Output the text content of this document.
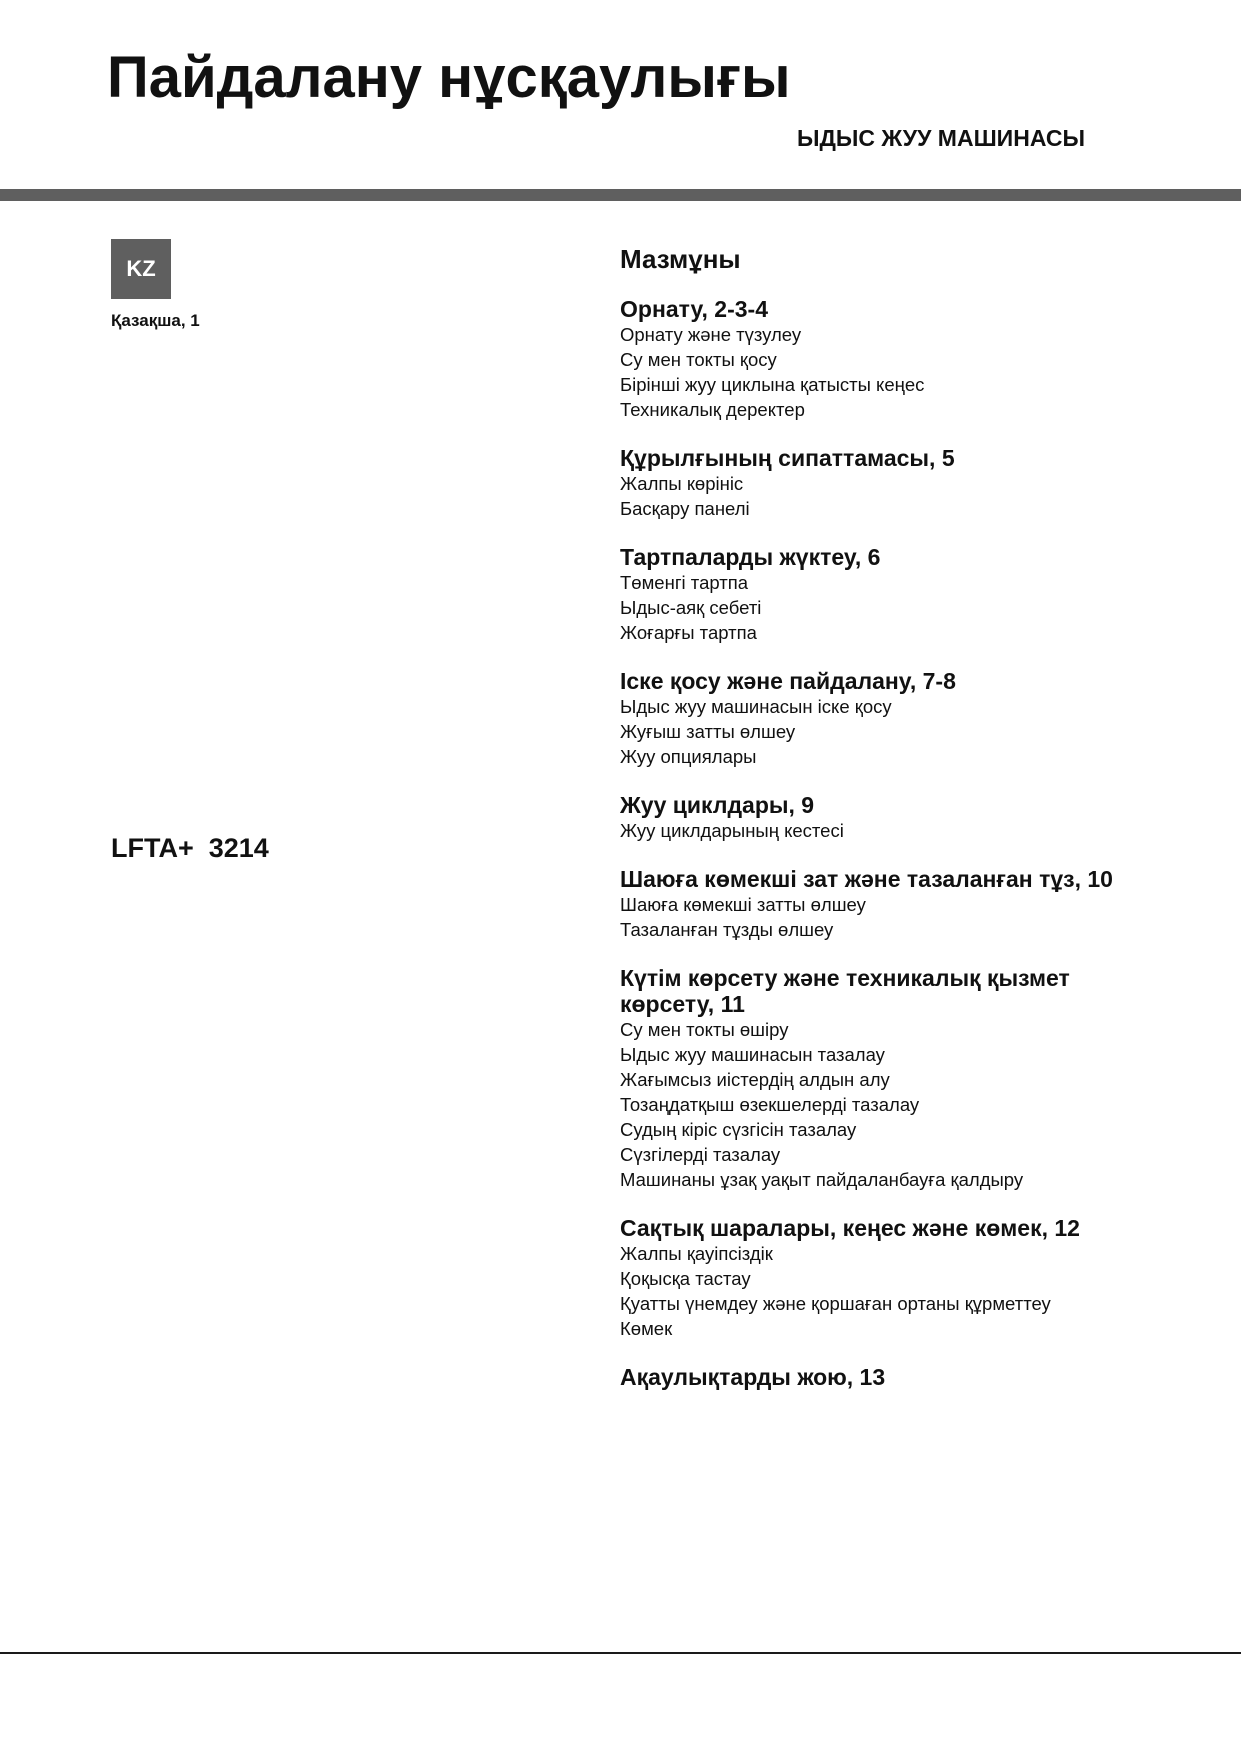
Пайдалану нұсқаулығы
ЫДЫС ЖУУ МАШИНАСЫ
KZ
Қазақша, 1
LFTA+  3214
Мазмұны
Орнату, 2-3-4
Орнату және түзулеу
Су мен токты қосу
Бірінші жуу циклына қатысты кеңес
Техникалық деректер
Құрылғының сипаттамасы, 5
Жалпы көрініс
Басқару панелі
Тартпаларды жүктеу, 6
Төменгі тартпа
Ыдыс-аяқ себеті
Жоғарғы тартпа
Іске қосу және пайдалану, 7-8
Ыдыс жуу машинасын іске қосу
Жуғыш затты өлшеу
Жуу опциялары
Жуу циклдары, 9
Жуу циклдарының кестесі
Шаюға көмекші зат және тазаланған тұз, 10
Шаюға көмекші затты өлшеу
Тазаланған тұзды өлшеу
Күтім көрсету және техникалық қызмет көрсету, 11
Су мен токты өшіру
Ыдыс жуу машинасын тазалау
Жағымсыз иістердің алдын алу
Тозаңдатқыш өзекшелерді тазалау
Судың кіріс сүзгісін тазалау
Сүзгілерді тазалау
Машинаны ұзақ уақыт пайдаланбауға қалдыру
Сақтық шаралары, кеңес және көмек, 12
Жалпы қауіпсіздік
Қоқысқа тастау
Қуатты үнемдеу және қоршаған ортаны құрметтеу
Көмек
Ақаулықтарды жою, 13
